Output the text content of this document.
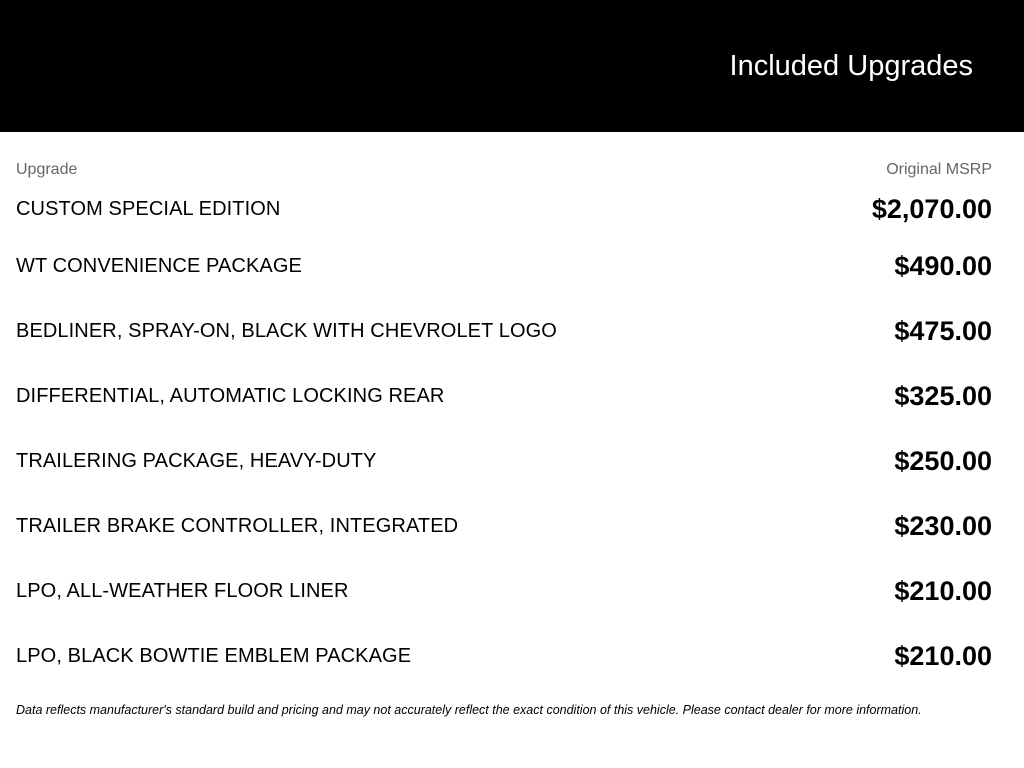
Included Upgrades
Upgrade	Original MSRP
CUSTOM SPECIAL EDITION	$2,070.00
WT CONVENIENCE PACKAGE	$490.00
BEDLINER, SPRAY-ON, BLACK WITH CHEVROLET LOGO	$475.00
DIFFERENTIAL, AUTOMATIC LOCKING REAR	$325.00
TRAILERING PACKAGE, HEAVY-DUTY	$250.00
TRAILER BRAKE CONTROLLER, INTEGRATED	$230.00
LPO, ALL-WEATHER FLOOR LINER	$210.00
LPO, BLACK BOWTIE EMBLEM PACKAGE	$210.00
Data reflects manufacturer's standard build and pricing and may not accurately reflect the exact condition of this vehicle. Please contact dealer for more information.
